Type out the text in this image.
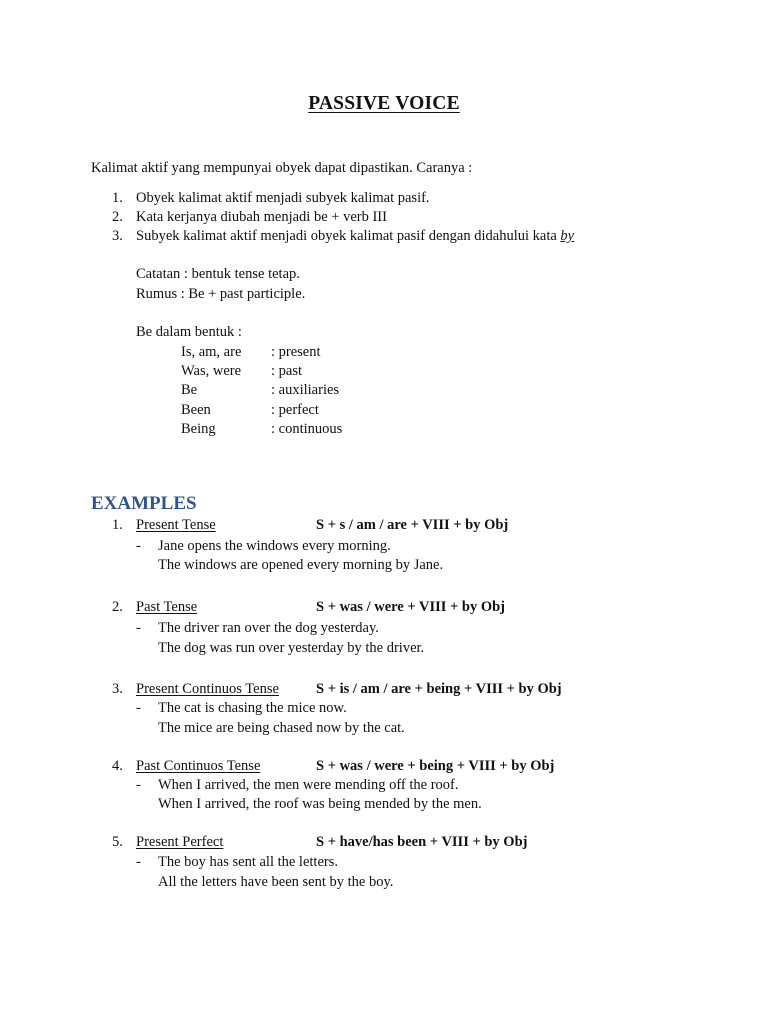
PASSIVE VOICE
Kalimat aktif yang mempunyai obyek dapat dipastikan. Caranya :
1. Obyek kalimat aktif menjadi subyek kalimat pasif.
2. Kata kerjanya diubah menjadi be + verb III
3. Subyek kalimat aktif menjadi obyek kalimat pasif dengan didahului kata by
Catatan : bentuk tense tetap.
Rumus : Be + past participle.
Be dalam bentuk :
Is, am, are : present
Was, were : past
Be	: auxiliaries
Been	: perfect
Being	: continuous
EXAMPLES
1. Present Tense	S + s / am / are + VIII + by Obj
- Jane opens the windows every morning.
The windows are opened every morning by Jane.
2. Past Tense	S + was / were + VIII + by Obj
- The driver ran over the dog yesterday.
The dog was run over yesterday by the driver.
3. Present Continuos Tense	S + is / am / are + being + VIII + by Obj
- The cat is chasing the mice now.
The mice are being chased now by the cat.
4. Past Continuos Tense	S + was / were + being + VIII + by Obj
- When I arrived, the men were mending off the roof.
When I arrived, the roof was being mended by the men.
5. Present Perfect	S + have/has been + VIII + by Obj
- The boy has sent all the letters.
All the letters have been sent by the boy.
